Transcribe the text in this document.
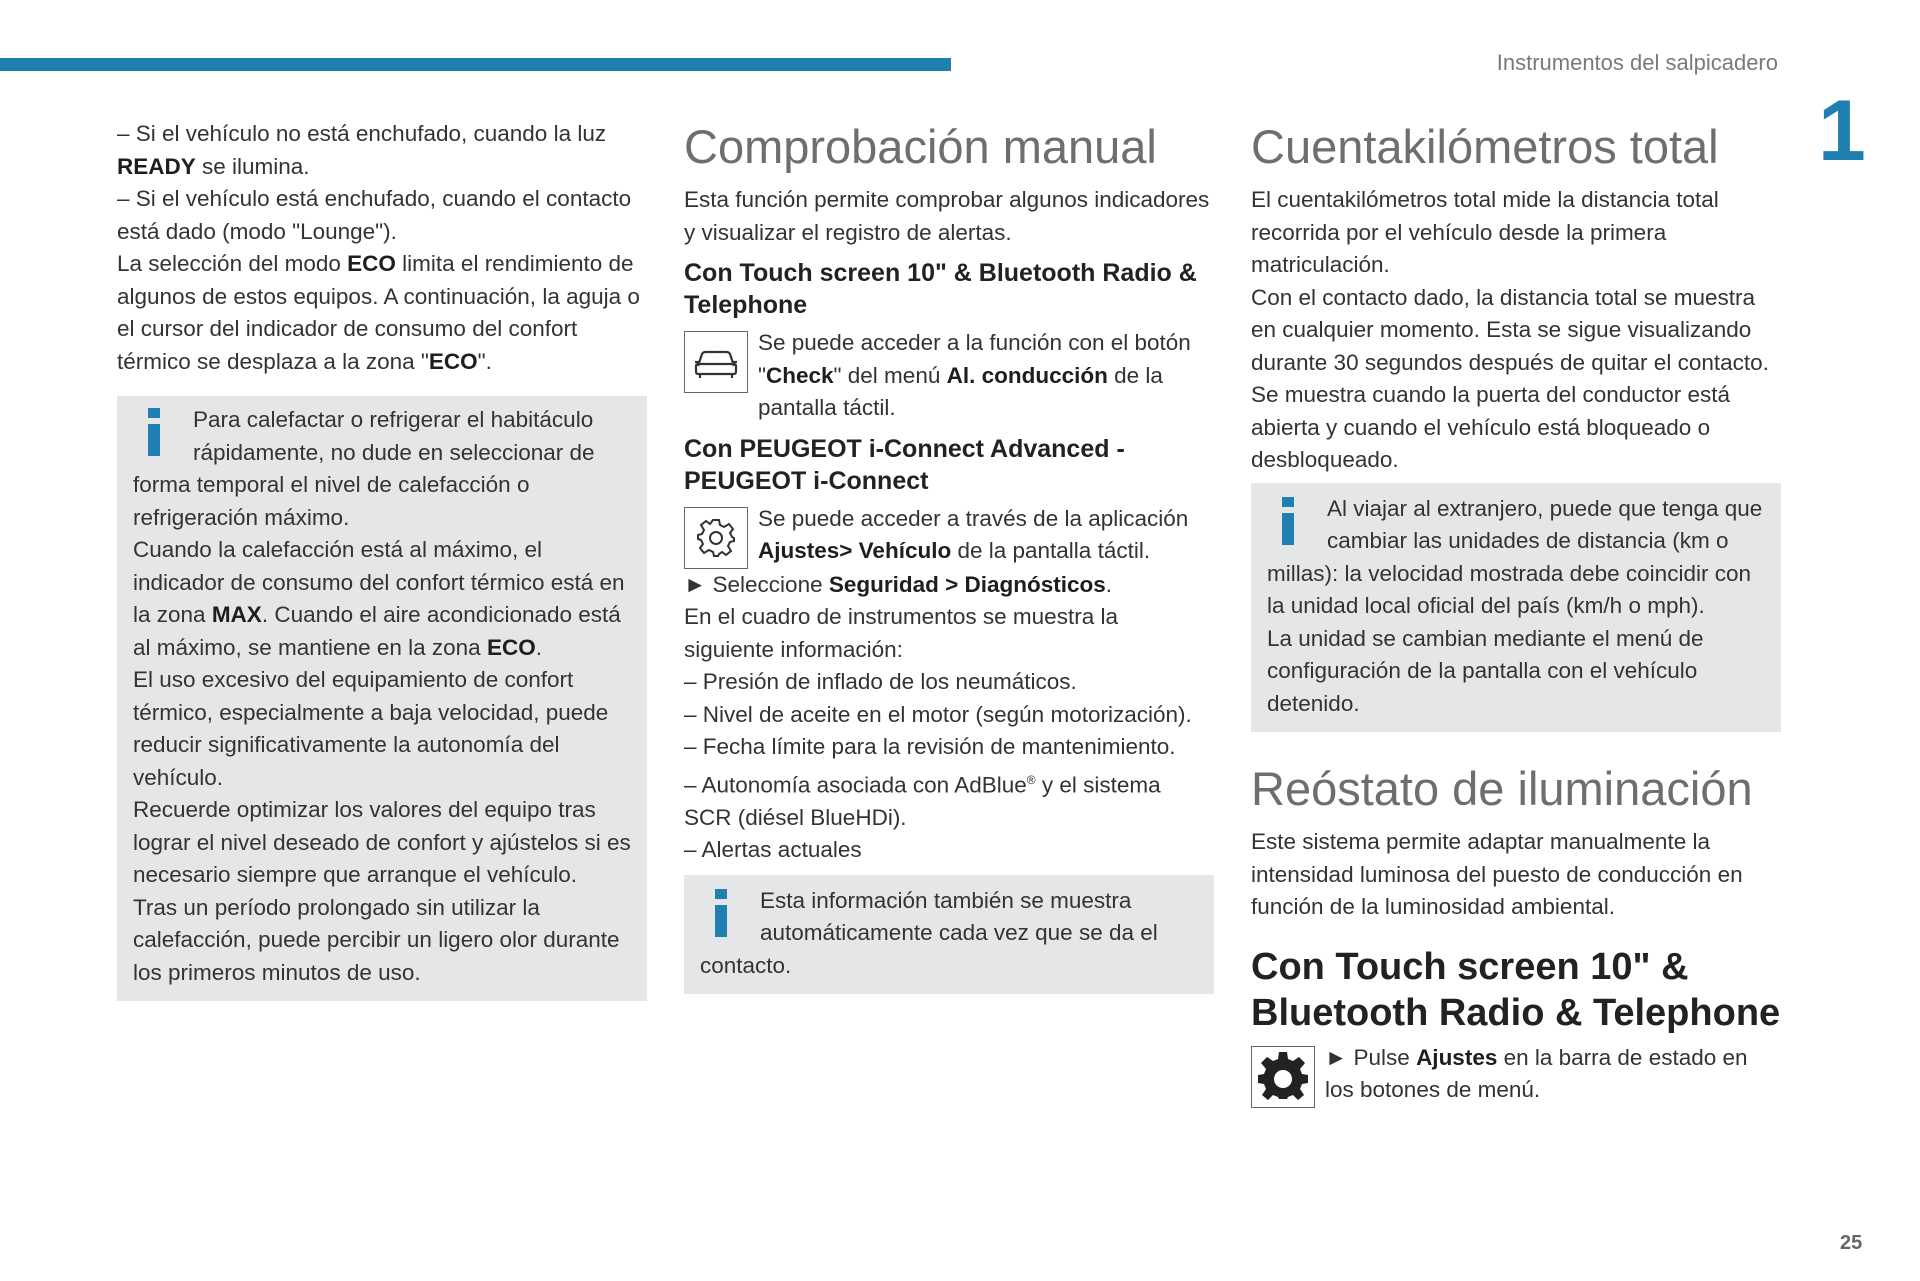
Instrumentos del salpicadero
1
25

– Si el vehículo no está enchufado, cuando la luz READY se ilumina.

– Si el vehículo está enchufado, cuando el contacto está dado (modo "Lounge").

La selección del modo ECO limita el rendimiento de algunos de estos equipos. A continuación, la aguja o el cursor del indicador de consumo del confort térmico se desplaza a la zona "ECO".

Para calefactar o refrigerar el habitáculo rápidamente, no dude en seleccionar de forma temporal el nivel de calefacción o refrigeración máximo.

Cuando la calefacción está al máximo, el indicador de consumo del confort térmico está en la zona MAX. Cuando el aire acondicionado está al máximo, se mantiene en la zona ECO.

El uso excesivo del equipamiento de confort térmico, especialmente a baja velocidad, puede reducir significativamente la autonomía del vehículo.

Recuerde optimizar los valores del equipo tras lograr el nivel deseado de confort y ajústelos si es necesario siempre que arranque el vehículo.

Tras un período prolongado sin utilizar la calefacción, puede percibir un ligero olor durante los primeros minutos de uso.

Comprobación manual

Esta función permite comprobar algunos indicadores y visualizar el registro de alertas.

Con Touch screen 10" & Bluetooth Radio & Telephone

Se puede acceder a la función con el botón "Check" del menú Al. conducción de la pantalla táctil.

Con PEUGEOT i-Connect Advanced - PEUGEOT i-Connect

Se puede acceder a través de la aplicación Ajustes> Vehículo de la pantalla táctil.

► Seleccione Seguridad > Diagnósticos.

En el cuadro de instrumentos se muestra la siguiente información:

– Presión de inflado de los neumáticos.

– Nivel de aceite en el motor (según motorización).

– Fecha límite para la revisión de mantenimiento.

– Autonomía asociada con AdBlue® y el sistema SCR (diésel BlueHDi).

– Alertas actuales

Esta información también se muestra automáticamente cada vez que se da el contacto.

Cuentakilómetros total

El cuentakilómetros total mide la distancia total recorrida por el vehículo desde la primera matriculación.

Con el contacto dado, la distancia total se muestra en cualquier momento. Esta se sigue visualizando durante 30 segundos después de quitar el contacto. Se muestra cuando la puerta del conductor está abierta y cuando el vehículo está bloqueado o desbloqueado.

Al viajar al extranjero, puede que tenga que cambiar las unidades de distancia (km o millas): la velocidad mostrada debe coincidir con la unidad local oficial del país (km/h o mph).

La unidad se cambian mediante el menú de configuración de la pantalla con el vehículo detenido.

Reóstato de iluminación

Este sistema permite adaptar manualmente la intensidad luminosa del puesto de conducción en función de la luminosidad ambiental.

Con Touch screen 10" & Bluetooth Radio & Telephone

► Pulse Ajustes en la barra de estado en los botones de menú.
